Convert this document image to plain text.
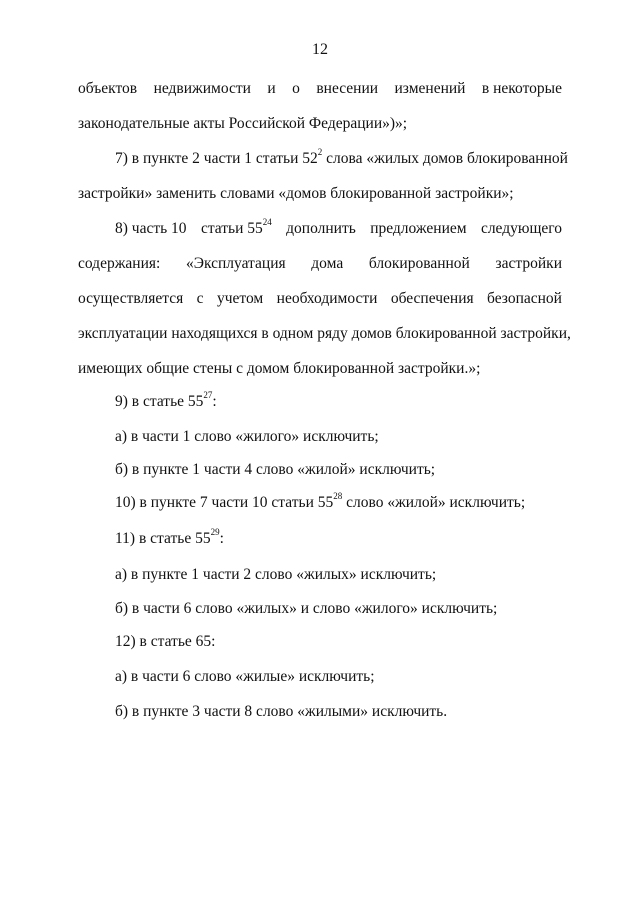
12
объектов недвижимости и о внесении изменений в некоторые
законодательные акты Российской Федерации»)»;
7) в пункте 2 части 1 статьи $52^2$ слова «жилых домов блокированной
застройки» заменить словами «домов блокированной застройки»;
8) часть 10 статьи $55^{24}$ дополнить предложением следующего
содержания: «Эксплуатация дома блокированной застройки
осуществляется с учетом необходимости обеспечения безопасной
эксплуатации находящихся в одном ряду домов блокированной застройки,
имеющих общие стены с домом блокированной застройки.»;
9) в статье $55^{27}$:
а) в части 1 слово «жилого» исключить;
б) в пункте 1 части 4 слово «жилой» исключить;
10) в пункте 7 части 10 статьи $55^{28}$ слово «жилой» исключить;
11) в статье $55^{29}$:
а) в пункте 1 части 2 слово «жилых» исключить;
б) в части 6 слово «жилых» и слово «жилого» исключить;
12) в статье 65:
а) в части 6 слово «жилые» исключить;
б) в пункте 3 части 8 слово «жилыми» исключить.
